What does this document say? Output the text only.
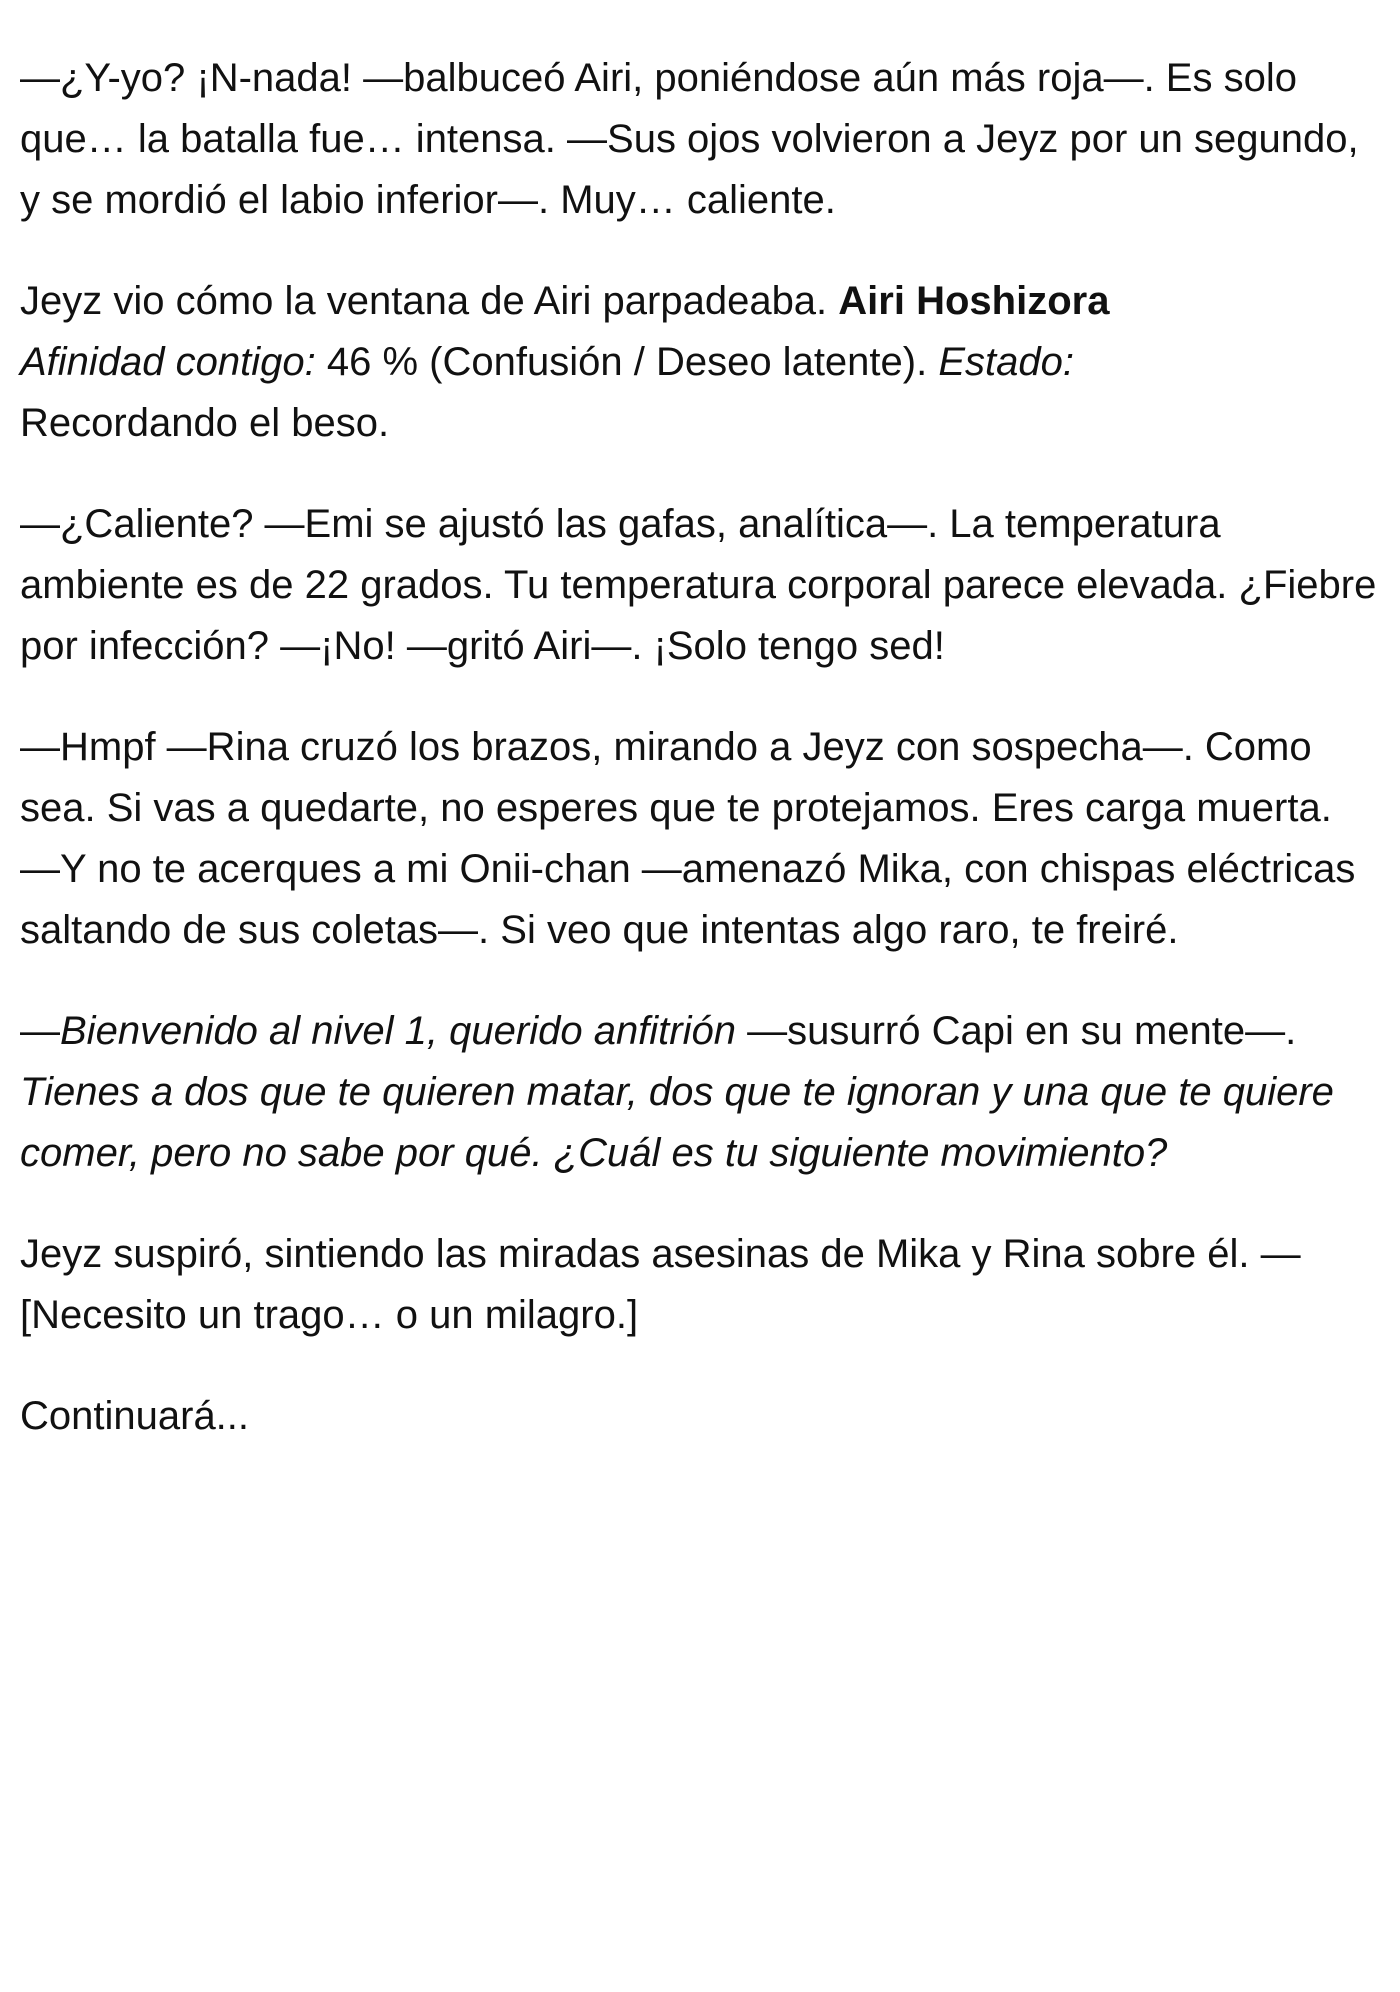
—¿Y-yo? ¡N-nada! —balbuceó Airi, poniéndose aún más roja—. Es solo que… la batalla fue… intensa. —Sus ojos volvieron a Jeyz por un segundo, y se mordió el labio inferior—. Muy… caliente.

Jeyz vio cómo la ventana de Airi parpadeaba. Airi Hoshizora
Afinidad contigo: 46 % (Confusión / Deseo latente). Estado:
Recordando el beso.

—¿Caliente? —Emi se ajustó las gafas, analítica—. La temperatura ambiente es de 22 grados. Tu temperatura corporal parece elevada. ¿Fiebre por infección? —¡No! —gritó Airi—. ¡Solo tengo sed!

—Hmpf —Rina cruzó los brazos, mirando a Jeyz con sospecha—. Como sea. Si vas a quedarte, no esperes que te protejamos. Eres carga muerta. —Y no te acerques a mi Onii-chan —amenazó Mika, con chispas eléctricas saltando de sus coletas—. Si veo que intentas algo raro, te freiré.

—Bienvenido al nivel 1, querido anfitrión —susurró Capi en su mente—. Tienes a dos que te quieren matar, dos que te ignoran y una que te quiere comer, pero no sabe por qué. ¿Cuál es tu siguiente movimiento?

Jeyz suspiró, sintiendo las miradas asesinas de Mika y Rina sobre él. —[Necesito un trago… o un milagro.]

Continuará...
